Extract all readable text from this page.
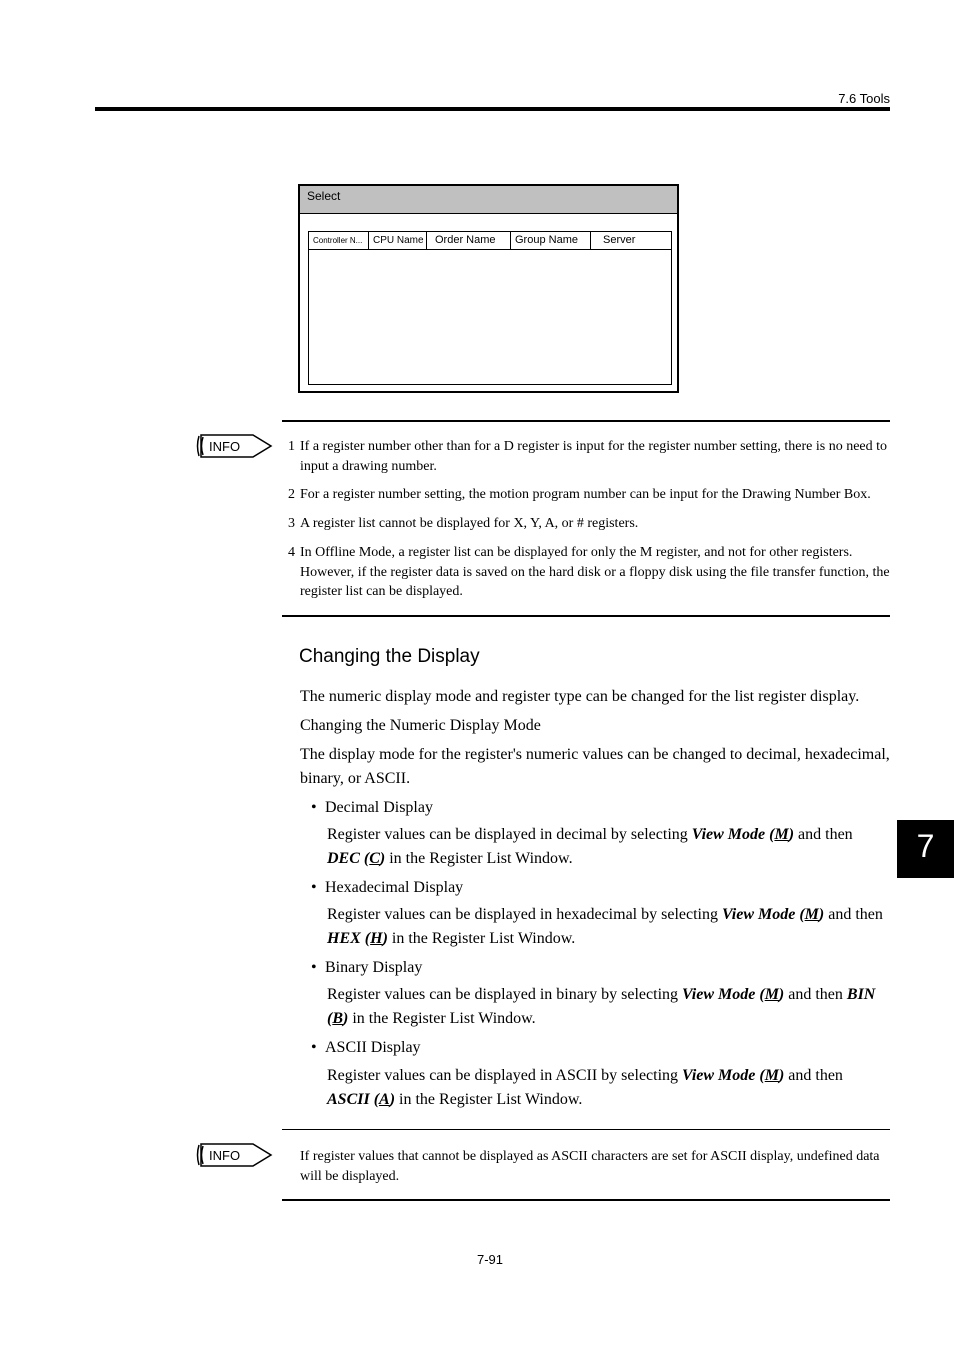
7.6 Tools
Select
Controller N...	CPU Name	Order Name	Group Name	Server
INFO	1 If a register number other than for a D register is input for the register number setting, there is no need to input a drawing number.
2 For a register number setting, the motion program number can be input for the Drawing Number Box.
3 A register list cannot be displayed for X, Y, A, or # registers.
4 In Offline Mode, a register list can be displayed for only the M register, and not for other registers. However, if the register data is saved on the hard disk or a floppy disk using the file transfer function, the register list can be displayed.
Changing the Display
The numeric display mode and register type can be changed for the list register display.
Changing the Numeric Display Mode
The display mode for the register's numeric values can be changed to decimal, hexadecimal, binary, or ASCII.
• Decimal Display
Register values can be displayed in decimal by selecting View Mode (M) and then DEC (C) in the Register List Window.
• Hexadecimal Display
Register values can be displayed in hexadecimal by selecting View Mode (M) and then HEX (H) in the Register List Window.
• Binary Display
Register values can be displayed in binary by selecting View Mode (M) and then BIN (B) in the Register List Window.
• ASCII Display
Register values can be displayed in ASCII by selecting View Mode (M) and then ASCII (A) in the Register List Window.
INFO	If register values that cannot be displayed as ASCII characters are set for ASCII display, undefined data will be displayed.
7
7-91
